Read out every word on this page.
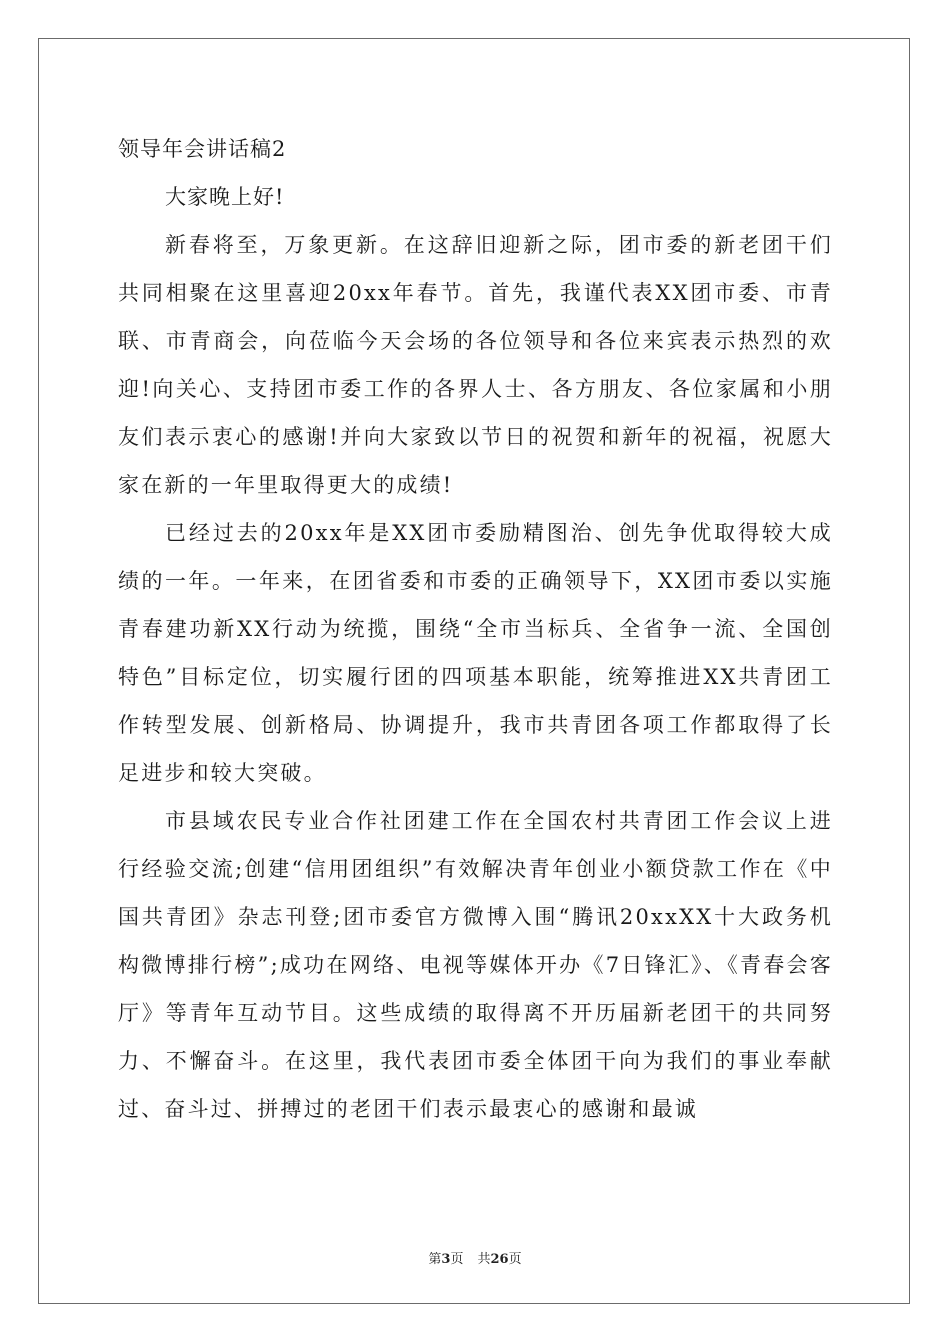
领导年会讲话稿2

大家晚上好!

新春将至，万象更新。在这辞旧迎新之际，团市委的新老团干们共同相聚在这里喜迎20xx年春节。首先，我谨代表XX团市委、市青联、市青商会，向莅临今天会场的各位领导和各位来宾表示热烈的欢迎!向关心、支持团市委工作的各界人士、各方朋友、各位家属和小朋友们表示衷心的感谢!并向大家致以节日的祝贺和新年的祝福，祝愿大家在新的一年里取得更大的成绩!

已经过去的20xx年是XX团市委励精图治、创先争优取得较大成绩的一年。一年来，在团省委和市委的正确领导下，XX团市委以实施青春建功新XX行动为统揽，围绕“全市当标兵、全省争一流、全国创特色”目标定位，切实履行团的四项基本职能，统筹推进XX共青团工作转型发展、创新格局、协调提升，我市共青团各项工作都取得了长足进步和较大突破。

市县域农民专业合作社团建工作在全国农村共青团工作会议上进行经验交流;创建“信用团组织”有效解决青年创业小额贷款工作在《中国共青团》杂志刊登;团市委官方微博入围“腾讯20xxXX十大政务机构微博排行榜”;成功在网络、电视等媒体开办《7日锋汇》、《青春会客厅》等青年互动节目。这些成绩的取得离不开历届新老团干的共同努力、不懈奋斗。在这里，我代表团市委全体团干向为我们的事业奉献过、奋斗过、拼搏过的老团干们表示最衷心的感谢和最诚

第3页 共26页
